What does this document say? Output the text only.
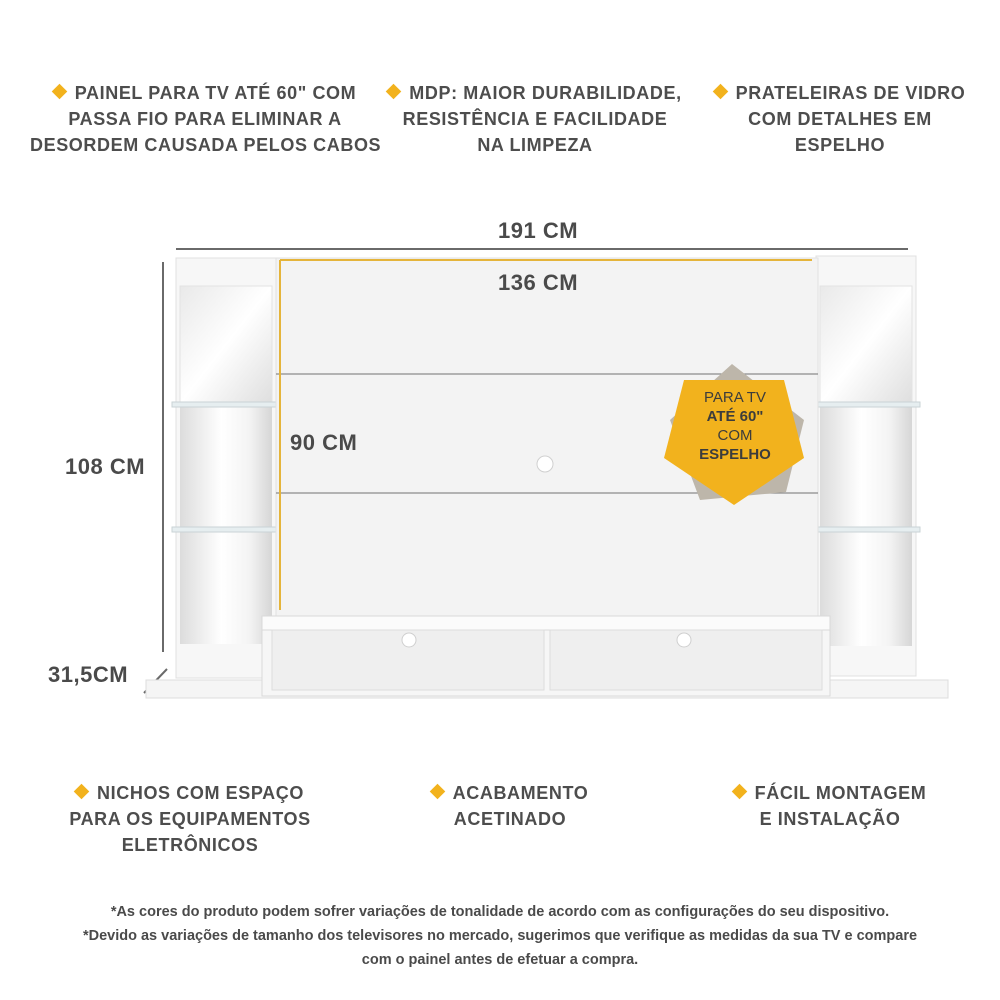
PAINEL PARA TV ATÉ 60" COM
PASSA FIO PARA ELIMINAR A
DESORDEM CAUSADA PELOS CABOS
MDP: MAIOR DURABILIDADE,
RESISTÊNCIA E FACILIDADE
NA LIMPEZA
PRATELEIRAS DE VIDRO
COM DETALHES EM
ESPELHO
PARA TV
ATÉ 60"
COM
ESPELHO
191 CM
136 CM
108 CM
90 CM
31,5CM
NICHOS COM ESPAÇO
PARA OS EQUIPAMENTOS
ELETRÔNICOS
ACABAMENTO
ACETINADO
FÁCIL MONTAGEM
E INSTALAÇÃO
*As cores do produto podem sofrer variações de tonalidade de acordo com as configurações do seu dispositivo.
*Devido as variações de tamanho dos televisores no mercado, sugerimos que verifique as medidas da sua TV e compare
com o painel antes de efetuar a compra.
